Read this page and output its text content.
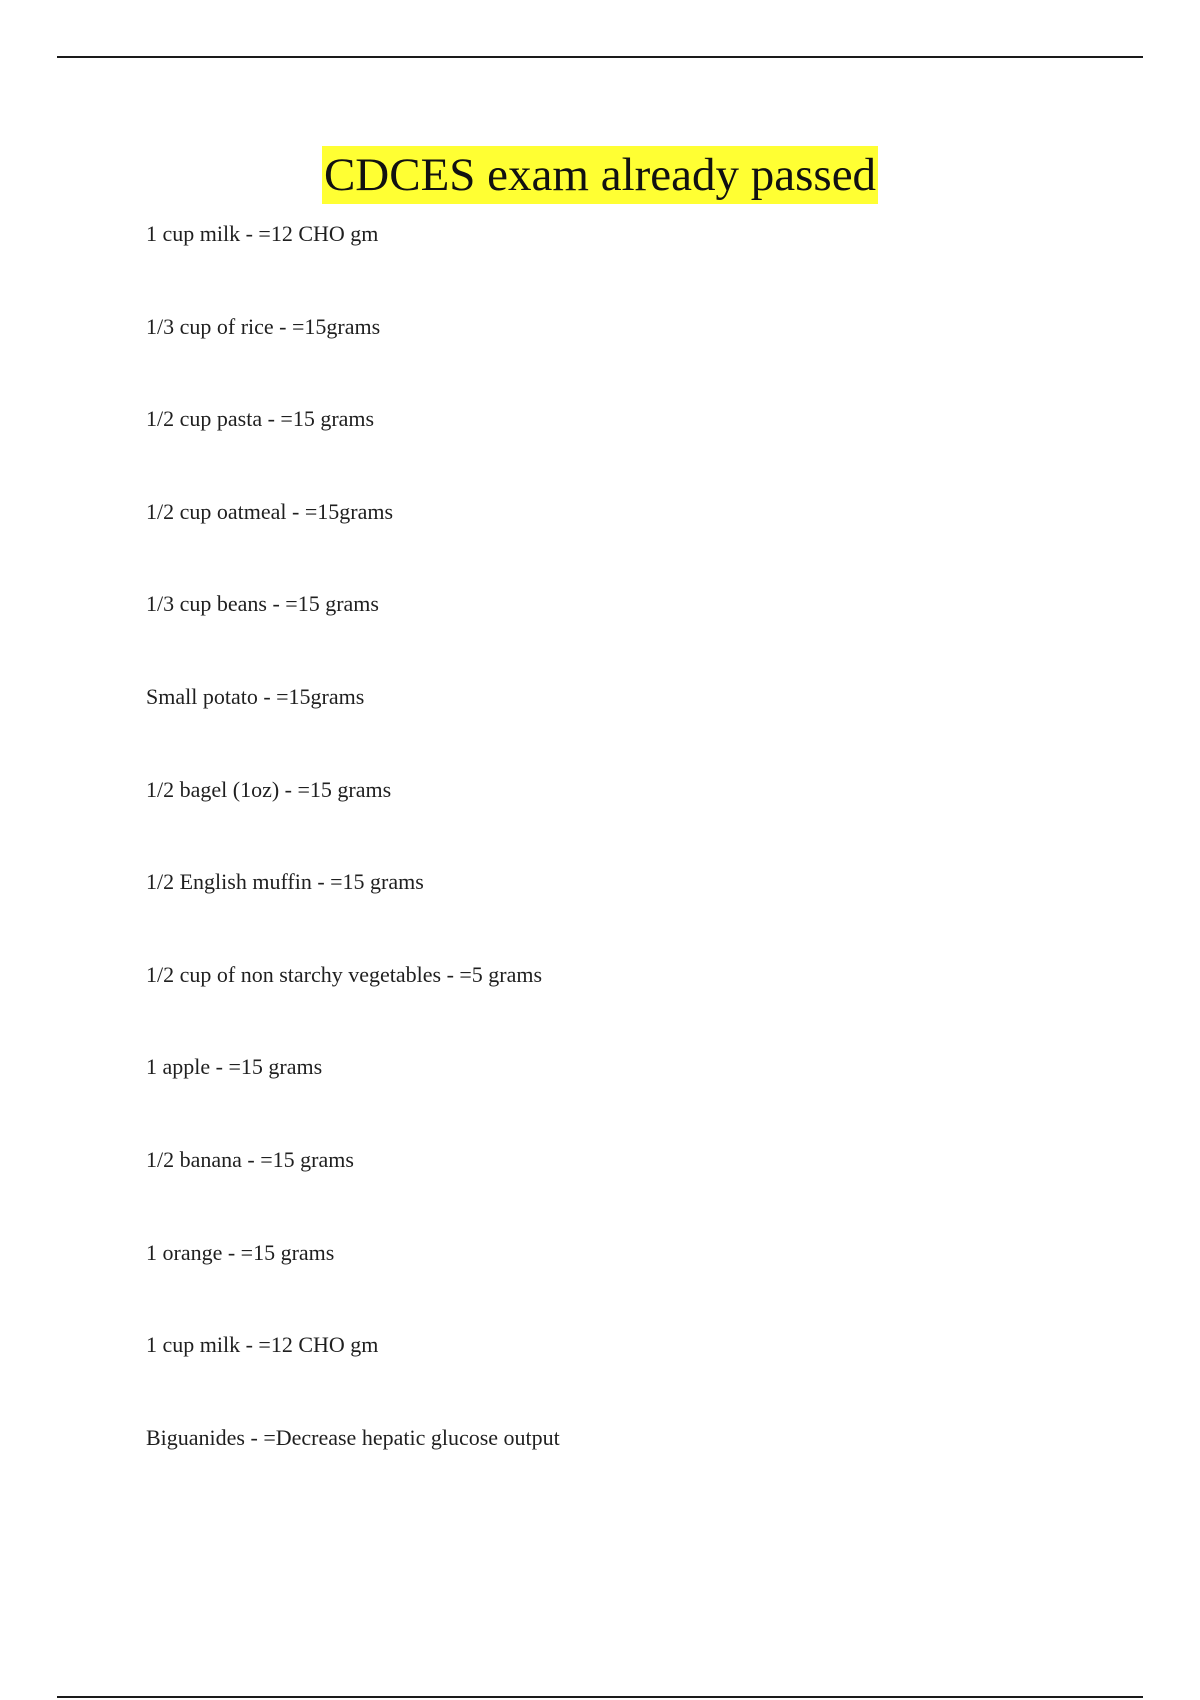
CDCES exam already passed
1 cup milk - =12 CHO gm
1/3 cup of rice - =15grams
1/2 cup pasta - =15 grams
1/2 cup oatmeal - =15grams
1/3 cup beans - =15 grams
Small potato - =15grams
1/2 bagel (1oz) - =15 grams
1/2 English muffin - =15 grams
1/2 cup of non starchy vegetables - =5 grams
1 apple - =15 grams
1/2 banana - =15 grams
1 orange - =15 grams
1 cup milk - =12 CHO gm
Biguanides - =Decrease hepatic glucose output
